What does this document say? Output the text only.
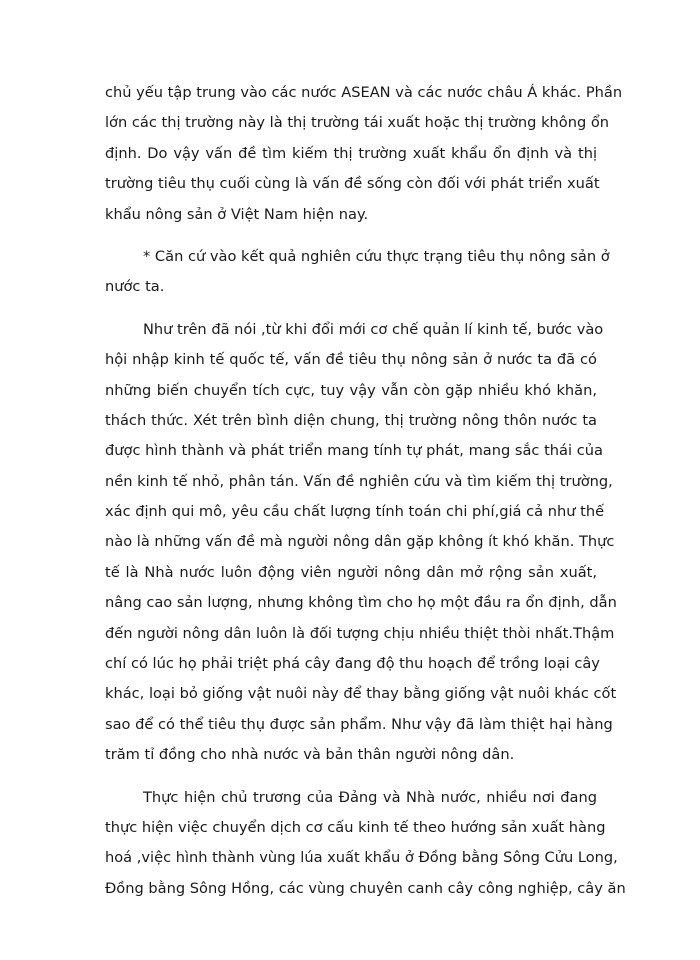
chủ yếu tập trung vào các nước ASEAN và các nước châu Á khác. Phần
lớn các thị trường này là thị trường tái xuất hoặc thị trường không ổn
định. Do vậy vấn đề tìm kiếm thị trường xuất khẩu ổn định và thị
trường tiêu thụ cuối cùng là vấn đề sống còn đối với phát triển xuất
khẩu nông sản ở Việt Nam hiện nay.
* Căn cứ vào kết quả nghiên cứu thực trạng tiêu thụ nông sản ở
nước ta.
Như trên đã nói ,từ khi đổi mới cơ chế quản lí kinh tế, bước vào
hội nhập kinh tế quốc tế, vấn đề tiêu thụ nông sản ở nước ta đã có
những biến chuyển tích cực, tuy vậy vẫn còn gặp nhiều khó khăn,
thách thức. Xét trên bình diện chung, thị trường nông thôn nước ta
được hình thành và phát triển mang tính tự phát, mang sắc thái của
nền kinh tế nhỏ, phân tán. Vấn đề nghiên cứu và tìm kiếm thị trường,
xác định qui mô, yêu cầu chất lượng tính toán chi phí,giá cả như thế
nào là những vấn đề mà người nông dân gặp không ít khó khăn. Thực
tế là Nhà nước luôn động viên người nông dân mở rộng sản xuất,
nâng cao sản lượng, nhưng không tìm cho họ một đầu ra ổn định, dẫn
đến người nông dân luôn là đối tượng chịu nhiều thiệt thòi nhất.Thậm
chí có lúc họ phải triệt phá cây đang độ thu hoạch để trồng loại cây
khác, loại bỏ giống vật nuôi này để thay bằng giống vật nuôi khác cốt
sao để có thể tiêu thụ được sản phẩm. Như vậy đã làm thiệt hại hàng
trăm tỉ đồng cho nhà nước và bản thân người nông dân.
Thực hiện chủ trương của Đảng và Nhà nước, nhiều nơi đang
thực hiện việc chuyển dịch cơ cấu kinh tế theo hướng sản xuất hàng
hoá ,việc hình thành vùng lúa xuất khẩu ở Đồng bằng Sông Cửu Long,
Đồng bằng Sông Hồng, các vùng chuyên canh cây công nghiệp, cây ăn
